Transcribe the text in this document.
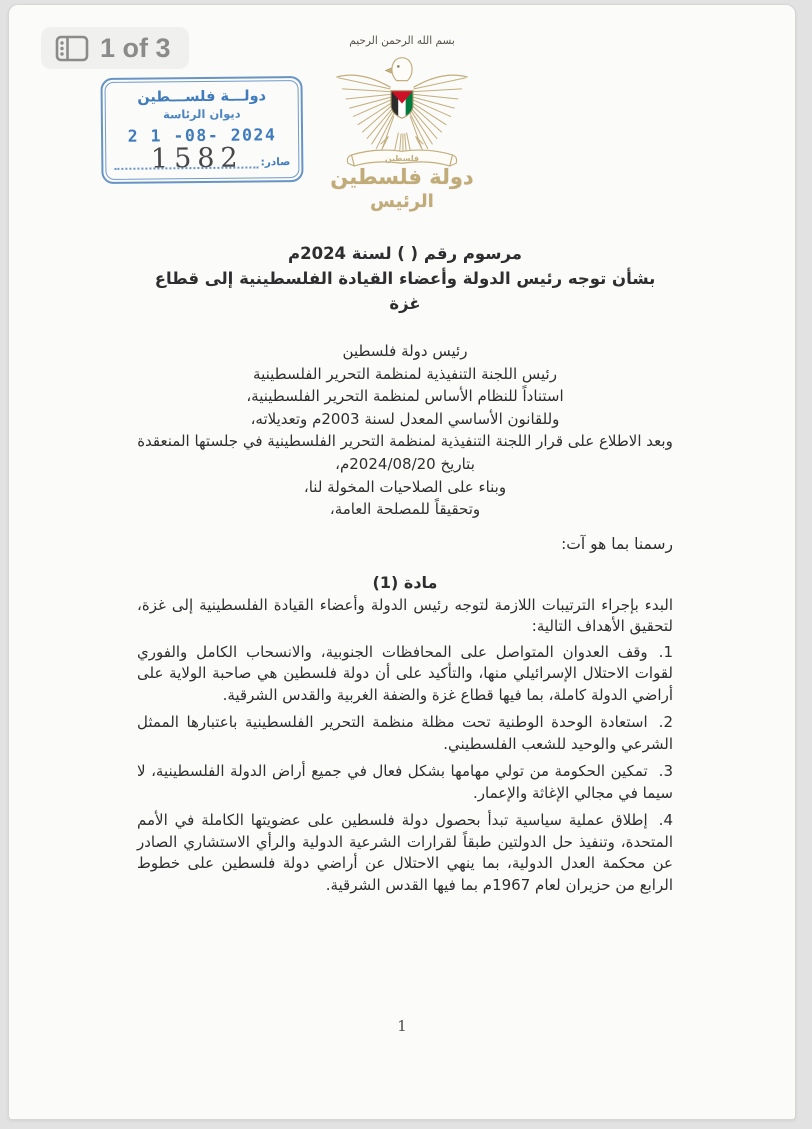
1 of 3
دولـــة فلســـطين
ديوان الرئاسة
2 1 -08- 2024
صادر:
1582
بسم الله الرحمن الرحيم
فلسطين
دولة فلسطين
الرئيس
مرسوم رقم ( ) لسنة 2024م
بشأن توجه رئيس الدولة وأعضاء القيادة الفلسطينية إلى قطاع غزة
رئيس دولة فلسطين
رئيس اللجنة التنفيذية لمنظمة التحرير الفلسطينية
استناداً للنظام الأساس لمنظمة التحرير الفلسطينية،
وللقانون الأساسي المعدل لسنة 2003م وتعديلاته،
وبعد الاطلاع على قرار اللجنة التنفيذية لمنظمة التحرير الفلسطينية في جلستها المنعقدة
بتاريخ 2024/08/20م،
وبناء على الصلاحيات المخولة لنا،
وتحقيقاً للمصلحة العامة،
رسمنا بما هو آت:
مادة (1)
البدء بإجراء الترتيبات اللازمة لتوجه رئيس الدولة وأعضاء القيادة الفلسطينية إلى غزة، لتحقيق الأهداف التالية:
1.وقف العدوان المتواصل على المحافظات الجنوبية، والانسحاب الكامل والفوري لقوات الاحتلال الإسرائيلي منها، والتأكيد على أن دولة فلسطين هي صاحبة الولاية على أراضي الدولة كاملة، بما فيها قطاع غزة والضفة الغربية والقدس الشرقية.
2.استعادة الوحدة الوطنية تحت مظلة منظمة التحرير الفلسطينية باعتبارها الممثل الشرعي والوحيد للشعب الفلسطيني.
3.تمكين الحكومة من تولي مهامها بشكل فعال في جميع أراض الدولة الفلسطينية، لا سيما في مجالي الإغاثة والإعمار.
4.إطلاق عملية سياسية تبدأ بحصول دولة فلسطين على عضويتها الكاملة في الأمم المتحدة، وتنفيذ حل الدولتين طبقاً لقرارات الشرعية الدولية والرأي الاستشاري الصادر عن محكمة العدل الدولية، بما ينهي الاحتلال عن أراضي دولة فلسطين على خطوط الرابع من حزيران لعام 1967م بما فيها القدس الشرقية.
1
